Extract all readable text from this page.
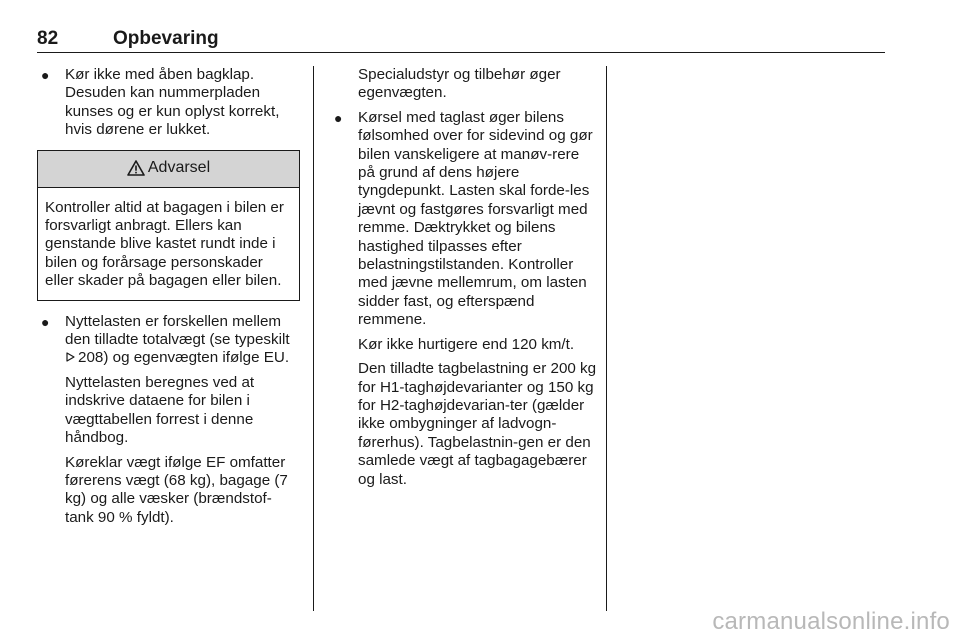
82	Opbevaring
● Kør ikke med åben bagklap. Desuden kan nummerpladen kunses og er kun oplyst korrekt, hvis dørene er lukket.
Advarsel
Kontroller altid at bagagen i bilen er forsvarligt anbragt. Ellers kan genstande blive kastet rundt inde i bilen og forårsage personskader eller skader på bagagen eller bilen.
● Nyttelasten er forskellen mellem den tilladte totalvægt (se typeskilt 208) og egenvægten ifølge EU.

Nyttelasten beregnes ved at indskrive dataene for bilen i vægttabellen forrest i denne håndbog.

Køreklar vægt ifølge EF omfatter førerens vægt (68 kg), bagage (7 kg) og alle væsker (brændstof-tank 90 % fyldt).

Specialudstyr og tilbehør øger egenvægten.

● Kørsel med taglast øger bilens følsomhed over for sidevind og gør bilen vanskeligere at manøv-rere på grund af dens højere tyngdepunkt. Lasten skal forde-les jævnt og fastgøres forsvarligt med remme. Dæktrykket og bilens hastighed tilpasses efter belastningstilstanden. Kontroller med jævne mellemrum, om lasten sidder fast, og efterspænd remmene.

Kør ikke hurtigere end 120 km/t.

Den tilladte tagbelastning er 200 kg for H1-taghøjdevarianter og 150 kg for H2-taghøjdevarian-ter (gælder ikke ombygninger af ladvogn-førerhus). Tagbelastnin-gen er den samlede vægt af tagbagagebærer og last.

carmanualsonline.info
